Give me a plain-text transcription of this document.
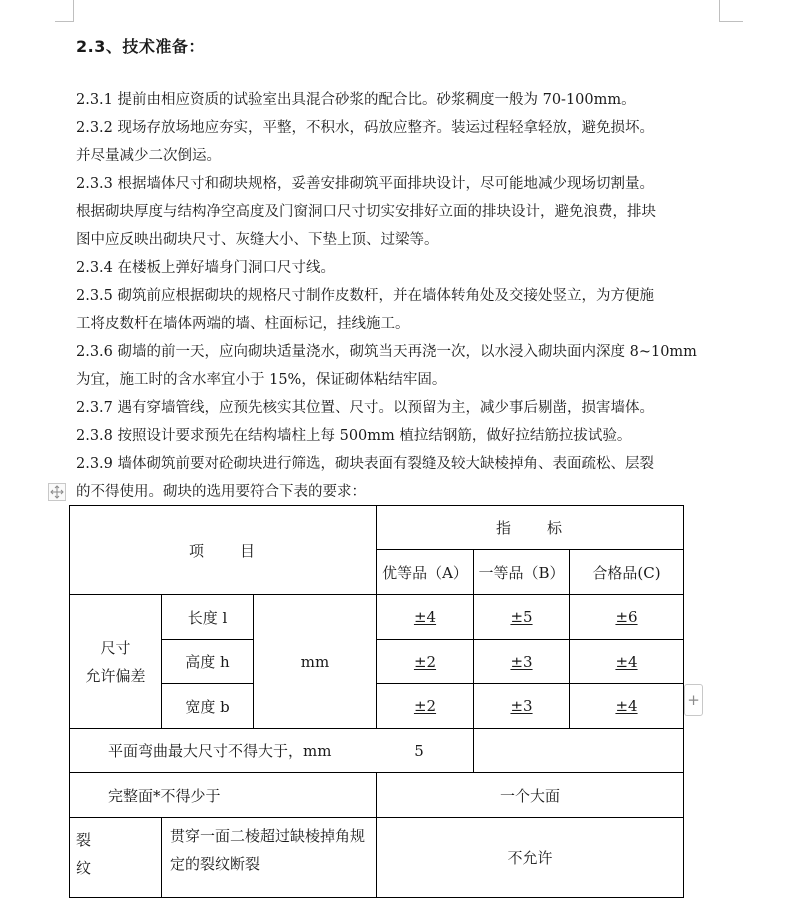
2.3、技术准备：
2.3.1 提前由相应资质的试验室出具混合砂浆的配合比。砂浆稠度一般为 70-100mm。
2.3.2 现场存放场地应夯实，平整，不积水，码放应整齐。装运过程轻拿轻放，避免损坏。
并尽量减少二次倒运。
2.3.3 根据墙体尺寸和砌块规格，妥善安排砌筑平面排块设计，尽可能地减少现场切割量。
根据砌块厚度与结构净空高度及门窗洞口尺寸切实安排好立面的排块设计，避免浪费，排块
图中应反映出砌块尺寸、灰缝大小、下垫上顶、过梁等。
2.3.4 在楼板上弹好墙身门洞口尺寸线。
2.3.5 砌筑前应根据砌块的规格尺寸制作皮数杆，并在墙体转角处及交接处竖立，为方便施
工将皮数杆在墙体两端的墙、柱面标记，挂线施工。
2.3.6 砌墙的前一天，应向砌块适量浇水，砌筑当天再浇一次，以水浸入砌块面内深度 8~10mm
为宜，施工时的含水率宜小于 15%，保证砌体粘结牢固。
2.3.7 遇有穿墙管线，应预先核实其位置、尺寸。以预留为主，减少事后剔凿，损害墙体。
2.3.8 按照设计要求预先在结构墙柱上每 500mm 植拉结钢筋，做好拉结筋拉拔试验。
2.3.9 墙体砌筑前要对砼砌块进行筛选，砌块表面有裂缝及较大缺棱掉角、表面疏松、层裂
的不得使用。砌块的选用要符合下表的要求：
项　　目			指　　标		
			优等品（A）	一等品（B）	合格品(C)

尺寸
允许偏差	长度 l	mm	±4	±5	±6
	高度 h		±2	±3	±4
	宽度 b		±2	±3	±4
平面弯曲最大尺寸不得大于，mm 5					
完整面*不得少于			一个大面		

裂
纹	贯穿一面二棱超过缺棱掉角规定的裂纹断裂		不允许		
+
